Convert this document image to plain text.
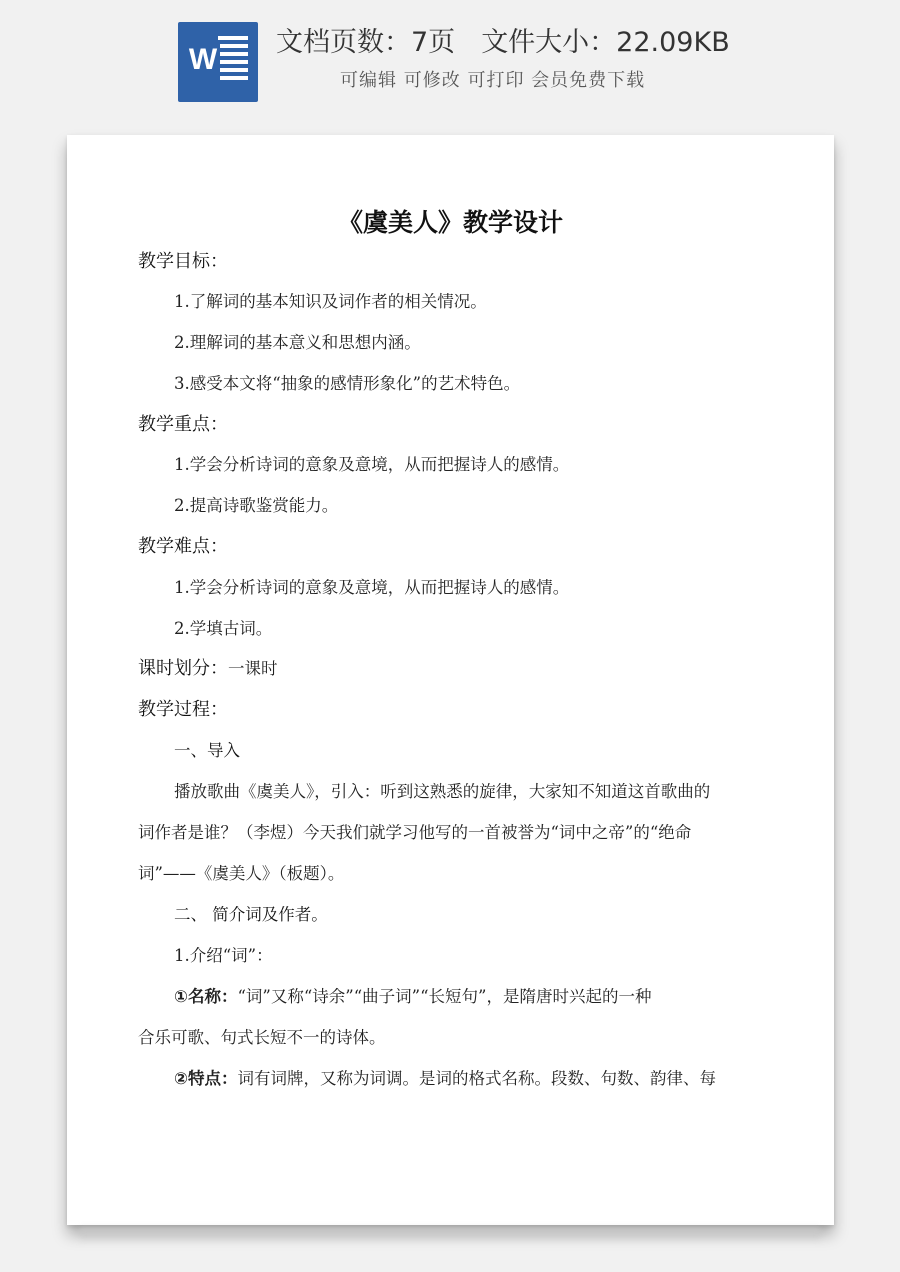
W
文档页数：7页 文件大小：22.09KB
可编辑 可修改 可打印 会员免费下载
《虞美人》教学设计
教学目标：
1.了解词的基本知识及词作者的相关情况。
2.理解词的基本意义和思想内涵。
3.感受本文将“抽象的感情形象化”的艺术特色。
教学重点：
1.学会分析诗词的意象及意境，从而把握诗人的感情。
2.提高诗歌鉴赏能力。
教学难点：
1.学会分析诗词的意象及意境，从而把握诗人的感情。
2.学填古词。
课时划分：一课时
教学过程：
一、导入
播放歌曲《虞美人》，引入：听到这熟悉的旋律，大家知不知道这首歌曲的
词作者是谁？（李煜）今天我们就学习他写的一首被誉为“词中之帝”的“绝命
词”——《虞美人》（板题）。
二、 简介词及作者。
1.介绍“词”：
①名称：“词”又称“诗余”“曲子词”“长短句”，是隋唐时兴起的一种
合乐可歌、句式长短不一的诗体。
②特点：词有词牌，又称为词调。是词的格式名称。段数、句数、韵律、每
